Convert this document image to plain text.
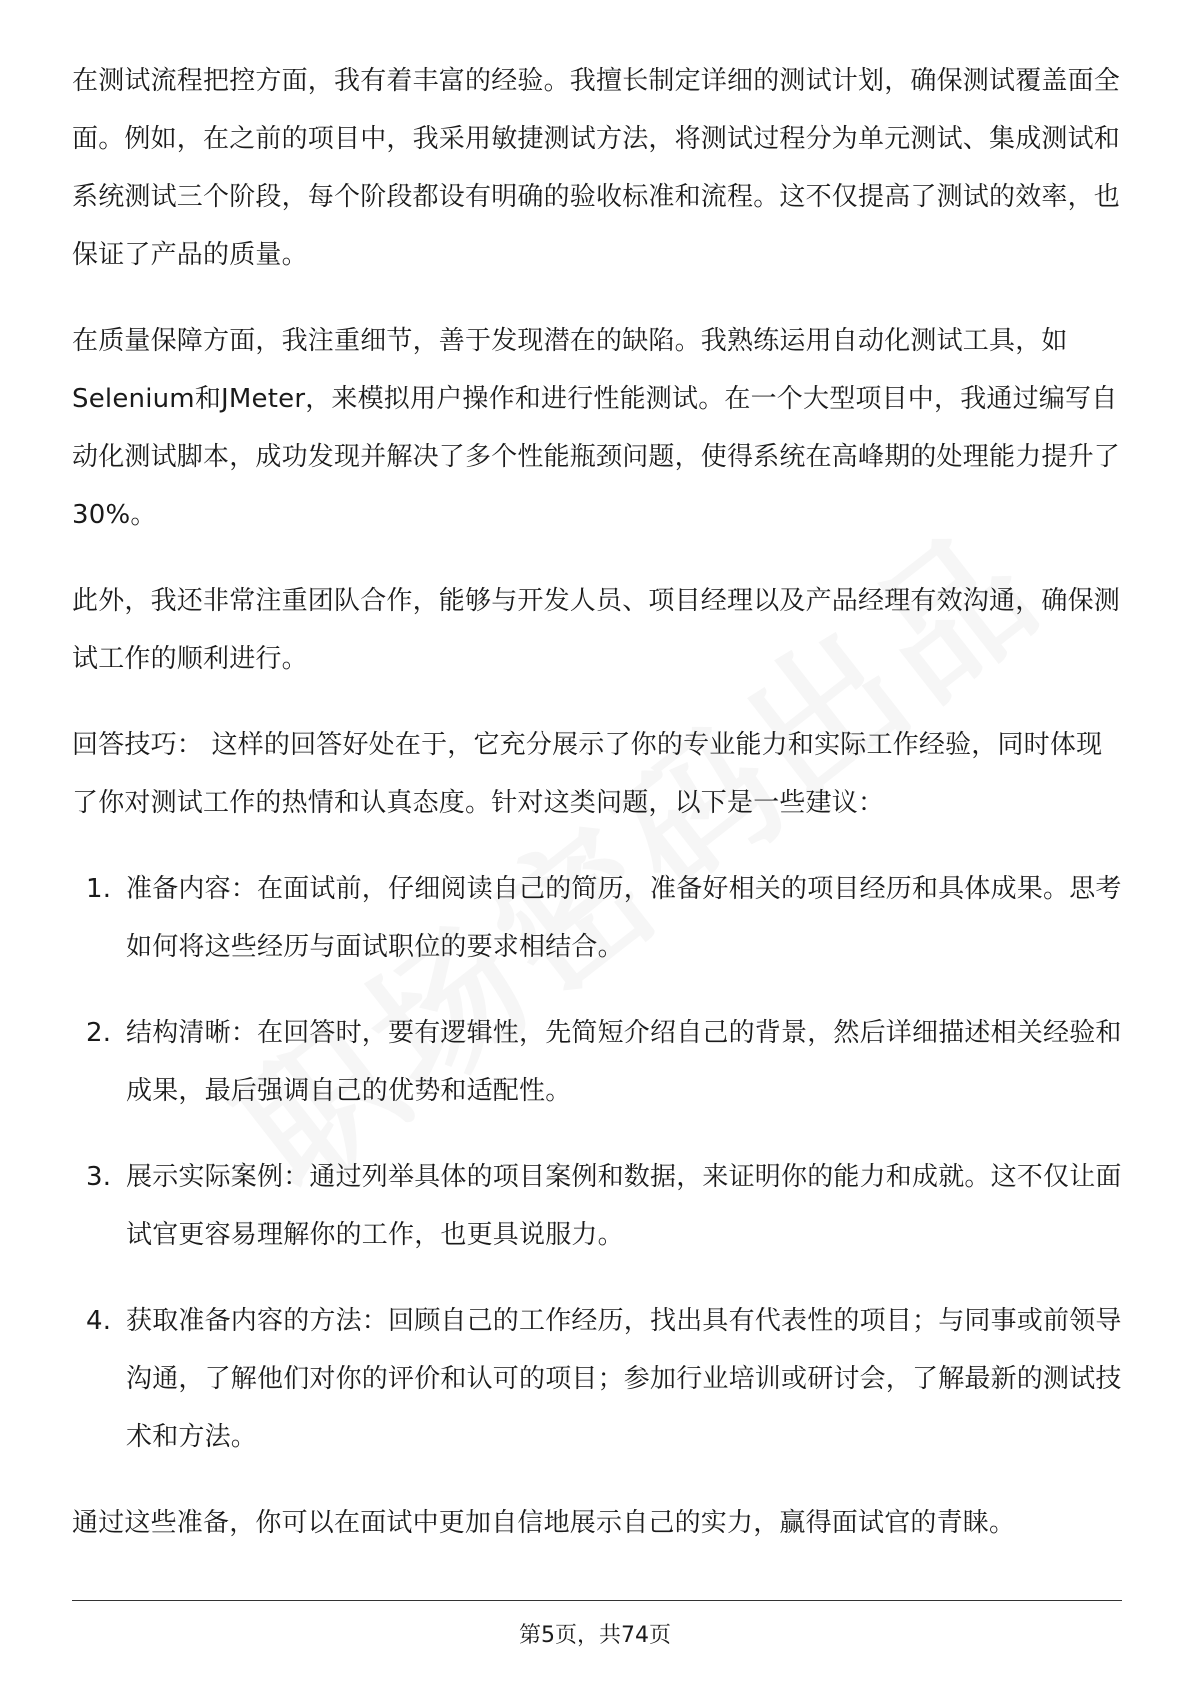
在测试流程把控方面，我有着丰富的经验。我擅长制定详细的测试计划，确保测试覆盖面全面。例如，在之前的项目中，我采用敏捷测试方法，将测试过程分为单元测试、集成测试和系统测试三个阶段，每个阶段都设有明确的验收标准和流程。这不仅提高了测试的效率，也保证了产品的质量。

在质量保障方面，我注重细节，善于发现潜在的缺陷。我熟练运用自动化测试工具，如Selenium和JMeter，来模拟用户操作和进行性能测试。在一个大型项目中，我通过编写自动化测试脚本，成功发现并解决了多个性能瓶颈问题，使得系统在高峰期的处理能力提升了30%。

此外，我还非常注重团队合作，能够与开发人员、项目经理以及产品经理有效沟通，确保测试工作的顺利进行。

回答技巧： 这样的回答好处在于，它充分展示了你的专业能力和实际工作经验，同时体现了你对测试工作的热情和认真态度。针对这类问题，以下是一些建议：

1. 准备内容：在面试前，仔细阅读自己的简历，准备好相关的项目经历和具体成果。思考如何将这些经历与面试职位的要求相结合。
2. 结构清晰：在回答时，要有逻辑性，先简短介绍自己的背景，然后详细描述相关经验和成果，最后强调自己的优势和适配性。
3. 展示实际案例：通过列举具体的项目案例和数据，来证明你的能力和成就。这不仅让面试官更容易理解你的工作，也更具说服力。
4. 获取准备内容的方法：回顾自己的工作经历，找出具有代表性的项目；与同事或前领导沟通，了解他们对你的评价和认可的项目；参加行业培训或研讨会，了解最新的测试技术和方法。

通过这些准备，你可以在面试中更加自信地展示自己的实力，赢得面试官的青睐。

第5页，共74页
